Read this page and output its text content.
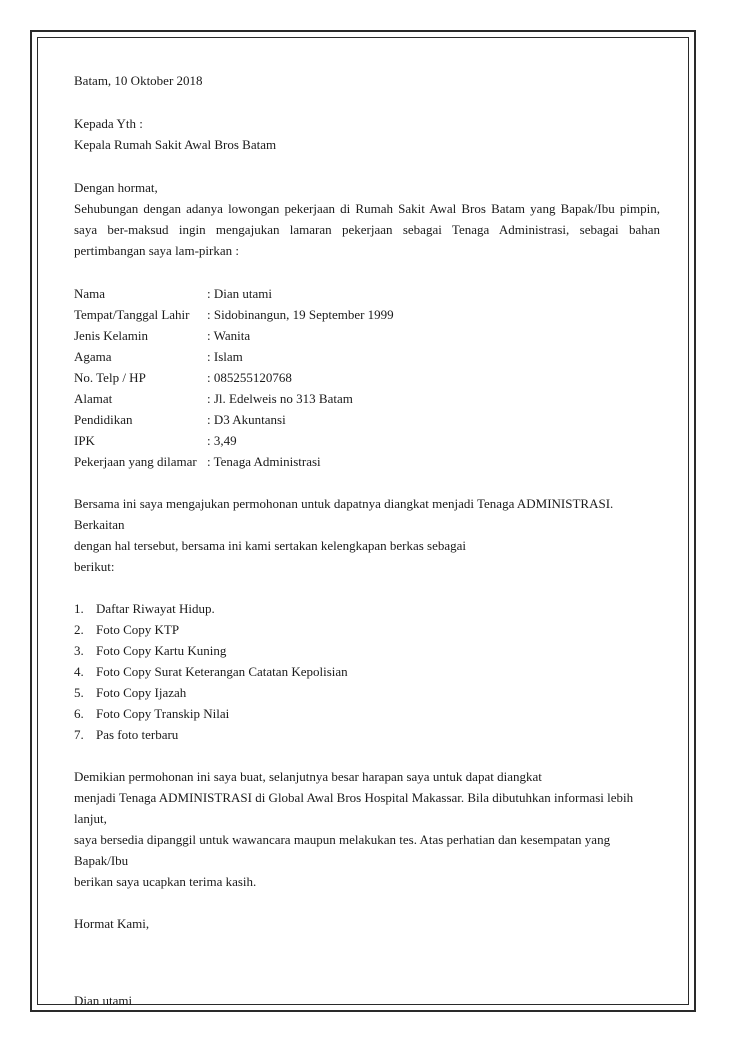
Batam, 10 Oktober 2018

Kepada Yth :

Kepala Rumah Sakit Awal Bros Batam

Dengan hormat,

Sehubungan dengan adanya lowongan pekerjaan di Rumah Sakit Awal Bros Batam yang Bapak/Ibu pimpin, saya ber-maksud ingin mengajukan lamaran pekerjaan sebagai Tenaga Administrasi, sebagai bahan pertimbangan saya lam-pirkan :

Nama	: Dian utami
Tempat/Tanggal Lahir	: Sidobinangun, 19 September 1999
Jenis Kelamin	: Wanita
Agama	: Islam
No. Telp / HP	: 085255120768
Alamat	: Jl. Edelweis no 313 Batam
Pendidikan	: D3 Akuntansi
IPK	: 3,49
Pekerjaan yang dilamar : Tenaga Administrasi

Bersama ini saya mengajukan permohonan untuk dapatnya diangkat menjadi Tenaga ADMINISTRASI. Berkaitan

dengan hal tersebut, bersama ini kami sertakan kelengkapan berkas sebagai

berikut:

1. Daftar Riwayat Hidup.
2. Foto Copy KTP
3. Foto Copy Kartu Kuning
4. Foto Copy Surat Keterangan Catatan Kepolisian
5. Foto Copy Ijazah
6. Foto Copy Transkip Nilai
7. Pas foto terbaru

Demikian permohonan ini saya buat, selanjutnya besar harapan saya untuk dapat diangkat

menjadi Tenaga ADMINISTRASI di Global Awal Bros Hospital Makassar. Bila dibutuhkan informasi lebih lanjut,

saya bersedia dipanggil untuk wawancara maupun melakukan tes. Atas perhatian dan kesempatan yang Bapak/Ibu

berikan saya ucapkan terima kasih.

Hormat Kami,

Dian utami
